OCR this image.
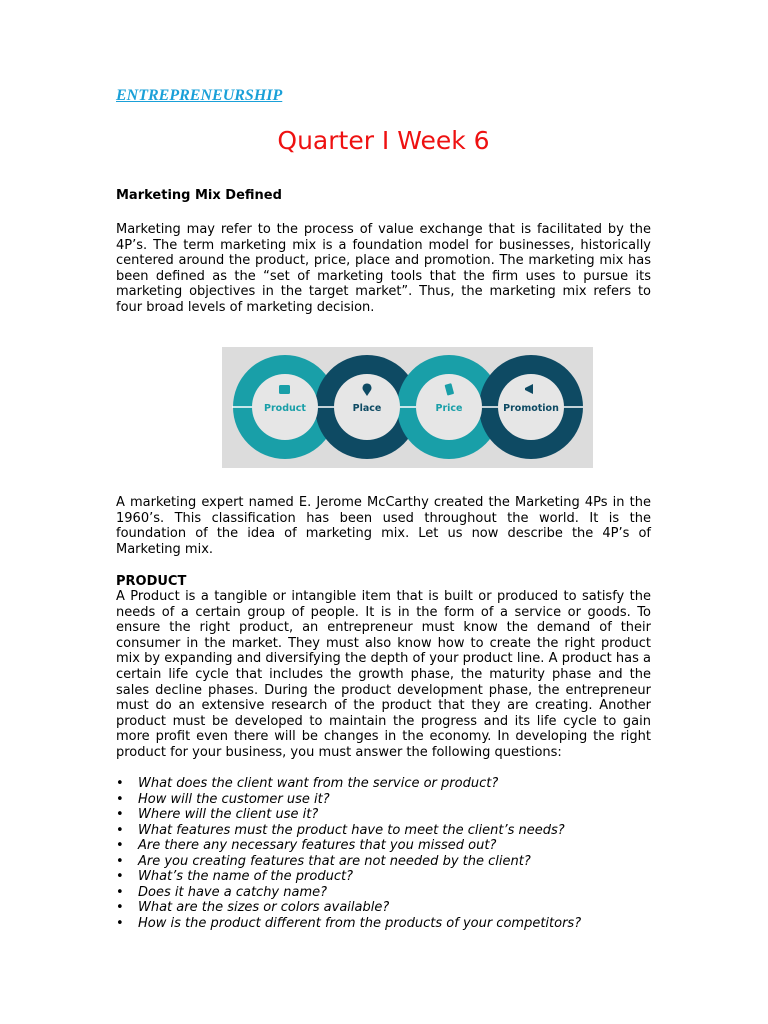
ENTREPRENEURSHIP
Quarter I Week 6
Marketing Mix Defined
Marketing may refer to the process of value exchange that is facilitated by the 4P’s. The term marketing mix is a foundation model for businesses, historically centered around the product, price, place and promotion. The marketing mix has been defined as the “set of marketing tools that the firm uses to pursue its marketing objectives in the target market”. Thus, the marketing mix refers to four broad levels of marketing decision.
Product	Place	Price	Promotion
A marketing expert named E. Jerome McCarthy created the Marketing 4Ps in the 1960’s. This classification has been used throughout the world. It is the foundation of the idea of marketing mix. Let us now describe the 4P’s of Marketing mix.
PRODUCT
A Product is a tangible or intangible item that is built or produced to satisfy the needs of a certain group of people. It is in the form of a service or goods. To ensure the right product, an entrepreneur must know the demand of their consumer in the market. They must also know how to create the right product mix by expanding and diversifying the depth of your product line. A product has a certain life cycle that includes the growth phase, the maturity phase and the sales decline phases. During the product development phase, the entrepreneur must do an extensive research of the product that they are creating. Another product must be developed to maintain the progress and its life cycle to gain more profit even there will be changes in the economy. In developing the right product for your business, you must answer the following questions:
• What does the client want from the service or product?
• How will the customer use it?
• Where will the client use it?
• What features must the product have to meet the client’s needs?
• Are there any necessary features that you missed out?
• Are you creating features that are not needed by the client?
• What’s the name of the product?
• Does it have a catchy name?
• What are the sizes or colors available?
• How is the product different from the products of your competitors?
